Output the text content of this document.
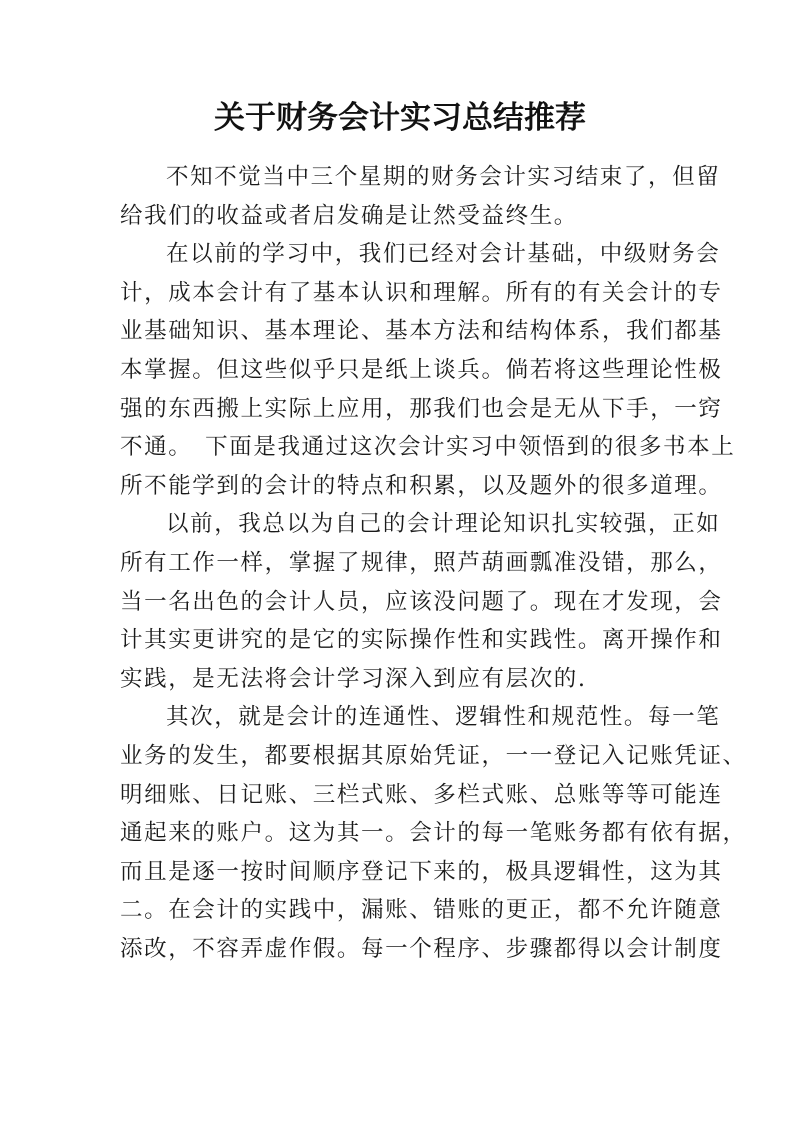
关于财务会计实习总结推荐
不知不觉当中三个星期的财务会计实习结束了，但留
给我们的收益或者启发确是让然受益终生。
在以前的学习中，我们已经对会计基础，中级财务会
计，成本会计有了基本认识和理解。所有的有关会计的专
业基础知识、基本理论、基本方法和结构体系，我们都基
本掌握。但这些似乎只是纸上谈兵。倘若将这些理论性极
强的东西搬上实际上应用，那我们也会是无从下手，一窍
不通。　下面是我通过这次会计实习中领悟到的很多书本上
所不能学到的会计的特点和积累，以及题外的很多道理。
以前，我总以为自己的会计理论知识扎实较强，正如
所有工作一样，掌握了规律，照芦葫画瓢准没错，那么，
当一名出色的会计人员，应该没问题了。现在才发现，会
计其实更讲究的是它的实际操作性和实践性。离开操作和
实践，是无法将会计学习深入到应有层次的.
其次，就是会计的连通性、逻辑性和规范性。每一笔
业务的发生，都要根据其原始凭证，一一登记入记账凭证、
明细账、日记账、三栏式账、多栏式账、总账等等可能连
通起来的账户。这为其一。会计的每一笔账务都有依有据，
而且是逐一按时间顺序登记下来的，极具逻辑性，这为其
二。在会计的实践中，漏账、错账的更正，都不允许随意
添改，不容弄虚作假。每一个程序、步骤都得以会计制度
